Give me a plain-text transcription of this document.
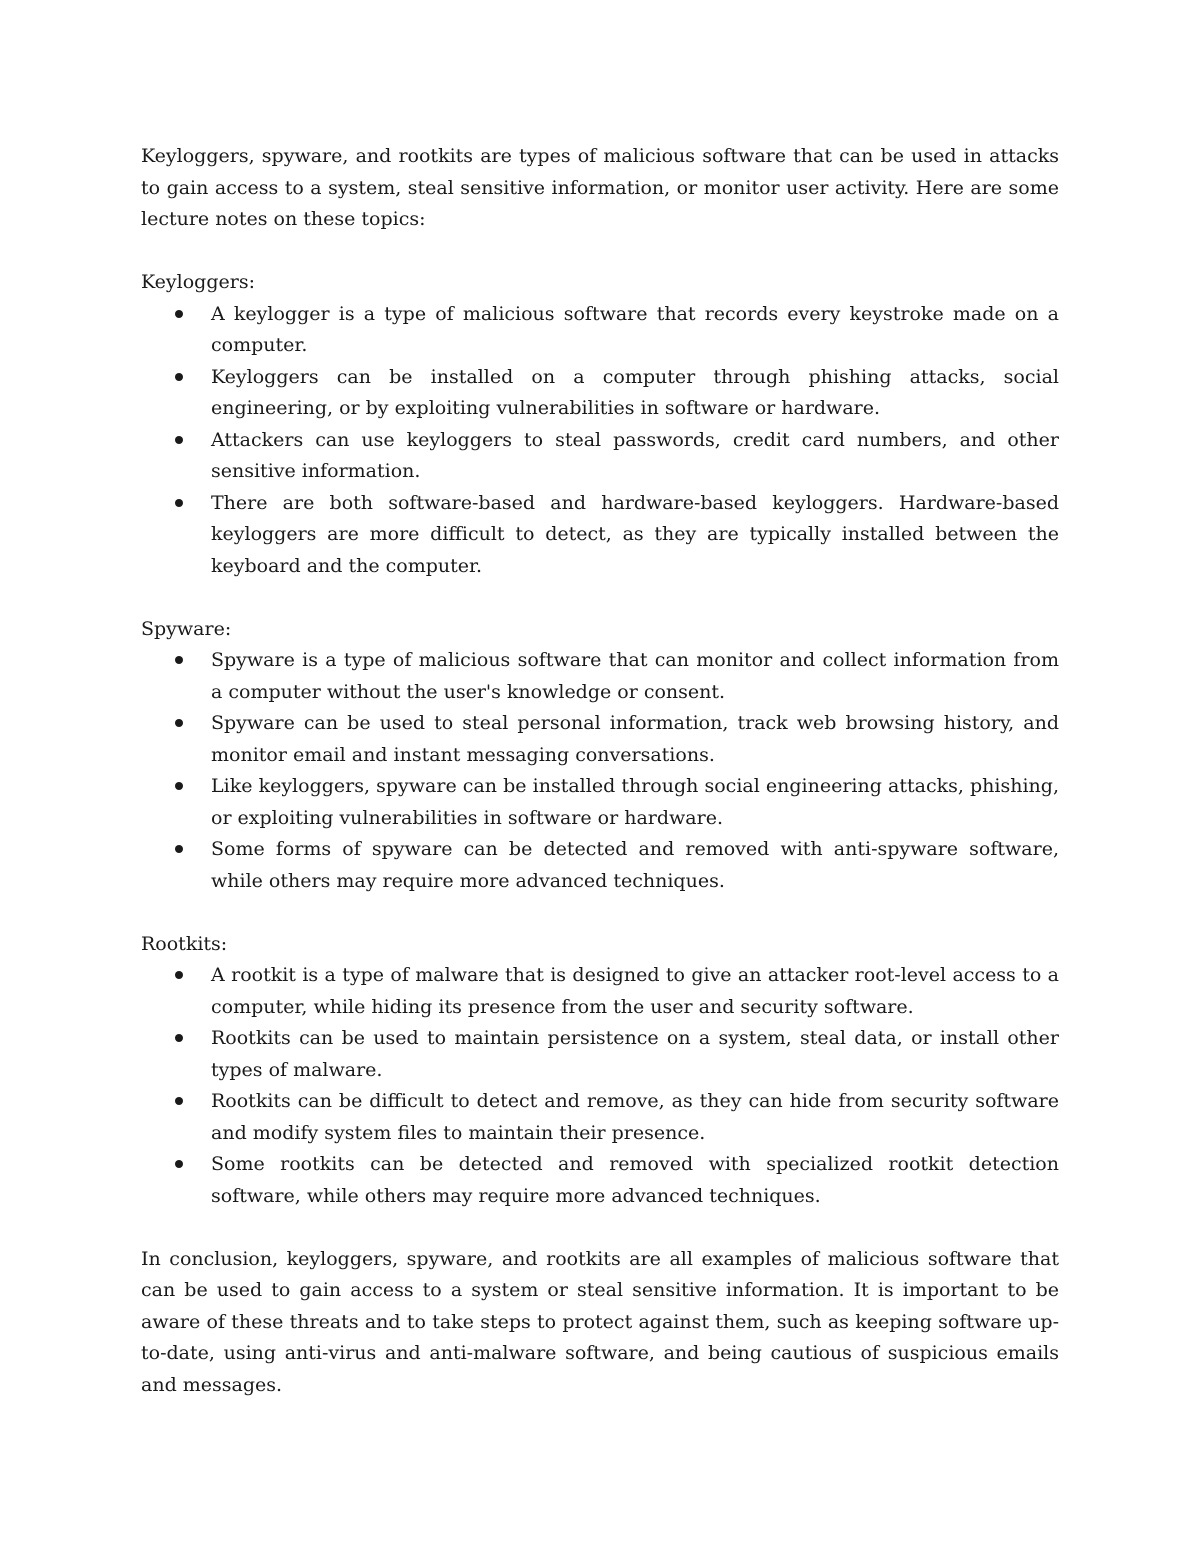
Keyloggers, spyware, and rootkits are types of malicious software that can be used in attacks to gain access to a system, steal sensitive information, or monitor user activity. Here are some lecture notes on these topics:

Keyloggers:

A keylogger is a type of malicious software that records every keystroke made on a computer.
Keyloggers can be installed on a computer through phishing attacks, social engineering, or by exploiting vulnerabilities in software or hardware.
Attackers can use keyloggers to steal passwords, credit card numbers, and other sensitive information.
There are both software-based and hardware-based keyloggers. Hardware-based keyloggers are more difficult to detect, as they are typically installed between the keyboard and the computer.

Spyware:

Spyware is a type of malicious software that can monitor and collect information from a computer without the user's knowledge or consent.
Spyware can be used to steal personal information, track web browsing history, and monitor email and instant messaging conversations.
Like keyloggers, spyware can be installed through social engineering attacks, phishing, or exploiting vulnerabilities in software or hardware.
Some forms of spyware can be detected and removed with anti-spyware software, while others may require more advanced techniques.

Rootkits:

A rootkit is a type of malware that is designed to give an attacker root-level access to a computer, while hiding its presence from the user and security software.
Rootkits can be used to maintain persistence on a system, steal data, or install other types of malware.
Rootkits can be difficult to detect and remove, as they can hide from security software and modify system files to maintain their presence.
Some rootkits can be detected and removed with specialized rootkit detection software, while others may require more advanced techniques.

In conclusion, keyloggers, spyware, and rootkits are all examples of malicious software that can be used to gain access to a system or steal sensitive information. It is important to be aware of these threats and to take steps to protect against them, such as keeping software up-to-date, using anti-virus and anti-malware software, and being cautious of suspicious emails and messages.
